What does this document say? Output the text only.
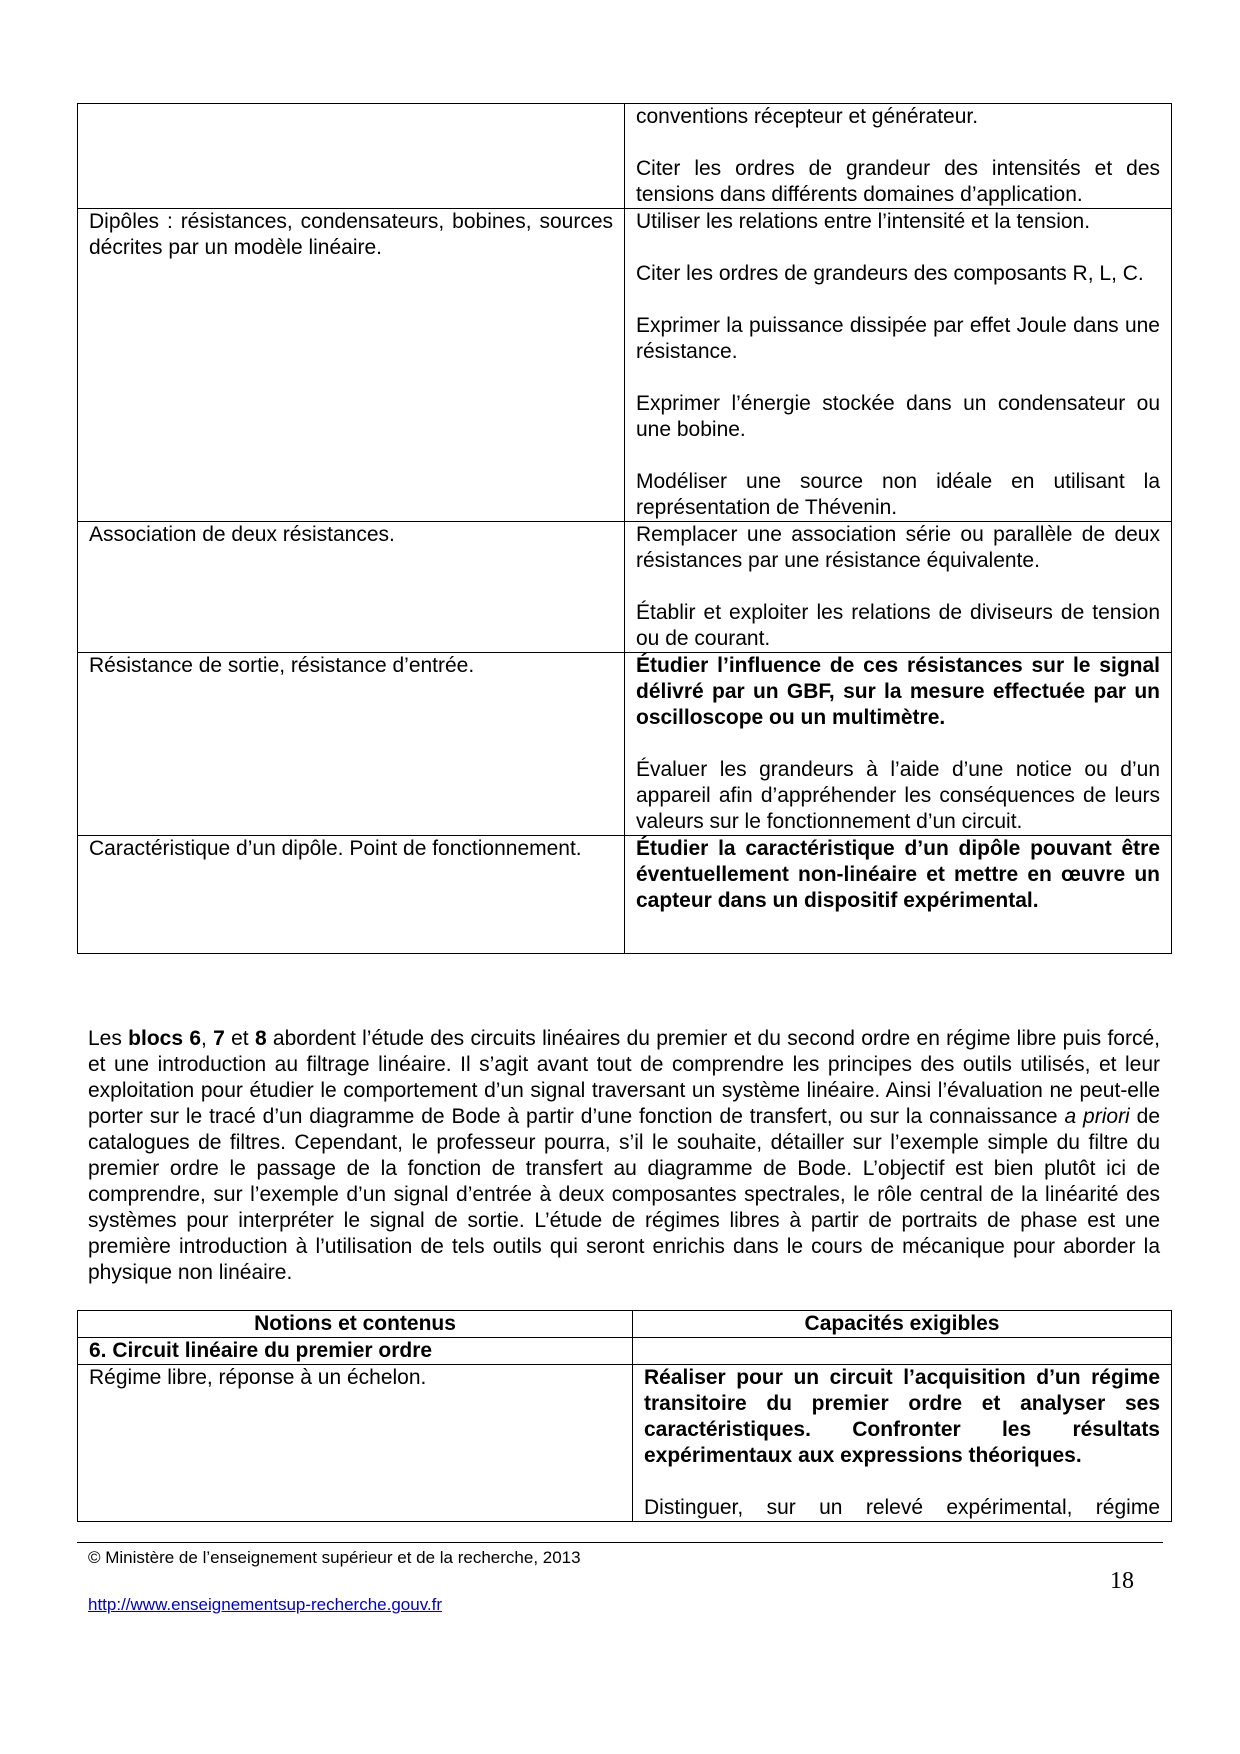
	conventions récepteur et générateur.

Citer les ordres de grandeur des intensités et des tensions dans différents domaines d’application.

Dipôles : résistances, condensateurs, bobines, sources décrites par un modèle linéaire.	Utiliser les relations entre l’intensité et la tension.

Citer les ordres de grandeurs des composants R, L, C.

Exprimer la puissance dissipée par effet Joule dans une résistance.

Exprimer l’énergie stockée dans un condensateur ou une bobine.

Modéliser une source non idéale en utilisant la représentation de Thévenin.

Association de deux résistances.	Remplacer une association série ou parallèle de deux résistances par une résistance équivalente.

Établir et exploiter les relations de diviseurs de tension ou de courant.

Résistance de sortie, résistance d’entrée.	Étudier l’influence de ces résistances sur le signal délivré par un GBF, sur la mesure effectuée par un oscilloscope ou un multimètre.

Évaluer les grandeurs à l’aide d’une notice ou d’un appareil afin d’appréhender les conséquences de leurs valeurs sur le fonctionnement d’un circuit.

Caractéristique d’un dipôle. Point de fonctionnement.	Étudier la caractéristique d’un dipôle pouvant être éventuellement non-linéaire et mettre en œuvre un capteur dans un dispositif expérimental.

Les blocs 6, 7 et 8 abordent l’étude des circuits linéaires du premier et du second ordre en régime libre puis forcé, et une introduction au filtrage linéaire. Il s’agit avant tout de comprendre les principes des outils utilisés, et leur exploitation pour étudier le comportement d’un signal traversant un système linéaire. Ainsi l’évaluation ne peut-elle porter sur le tracé d’un diagramme de Bode à partir d’une fonction de transfert, ou sur la connaissance a priori de catalogues de filtres. Cependant, le professeur pourra, s’il le souhaite, détailler sur l’exemple simple du filtre du premier ordre le passage de la fonction de transfert au diagramme de Bode. L’objectif est bien plutôt ici de comprendre, sur l’exemple d’un signal d’entrée à deux composantes spectrales, le rôle central de la linéarité des systèmes pour interpréter le signal de sortie. L’étude de régimes libres à partir de portraits de phase est une première introduction à l’utilisation de tels outils qui seront enrichis dans le cours de mécanique pour aborder la physique non linéaire.

Notions et contenus	Capacités exigibles
6. Circuit linéaire du premier ordre	
Régime libre, réponse à un échelon.	Réaliser pour un circuit l’acquisition d’un régime transitoire du premier ordre et analyser ses caractéristiques. Confronter les résultats expérimentaux aux expressions théoriques.

Distinguer, sur un relevé expérimental, régime

© Ministère de l’enseignement supérieur et de la recherche, 2013
18
http://www.enseignementsup-recherche.gouv.fr
